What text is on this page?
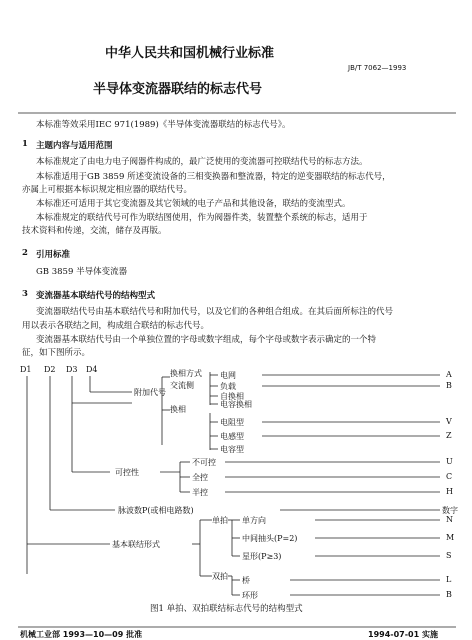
中华人民共和国机械行业标准
JB/T 7062—1993
半导体变流器联结的标志代号
本标准等效采用IEC 971(1989)《半导体变流器联结的标志代号》。
1 主题内容与适用范围
本标准规定了由电力电子阀器件构成的，最广泛使用的变流器可控联结代号的标志方法。
本标准适用于GB 3859 所述变流设备的三相变换器和整流器，特定的逆变器联结的标志代号，
亦属上可根据本标识规定相应器的联结代号。
本标准还可适用于其它变流器及其它领域的电子产品和其他设备，联结的变流型式。
本标准规定的联结代号可作为联结图使用，作为阀器件类，装置整个系统的标志，适用于
技术资料和传递，交流，储存及再版。
2 引用标准
GB 3859 半导体变流器
3 变流器基本联结代号的结构型式
变流器联结代号由基本联结代号和附加代号，以及它们的各种组合组成。在其后面所标注的代号
用以表示各联结之间，构成组合联结的标志代号。
变流器基本联结代号由一个单独位置的字母或数字组成，每个字母或数字表示确定的一个特
征，如下图所示。
D1 D2 D3 D4
附加代号
换相方式
交流侧
换相
电网
负载
自换相
电容换相
A
B
电阻型
电感型
电容型
V
Z
可控性
不可控
全控
半控
U
C
H
脉波数P(或相电路数)	数字
基本联结形式
单拍
双拍
单方向
中间抽头(P=2)
星形(P≥3)
N
M
S
桥
环形
L
B
图1 单拍、双拍联结标志代号的结构型式
机械工业部 1993—10—09 批准	1994-07-01 实施
